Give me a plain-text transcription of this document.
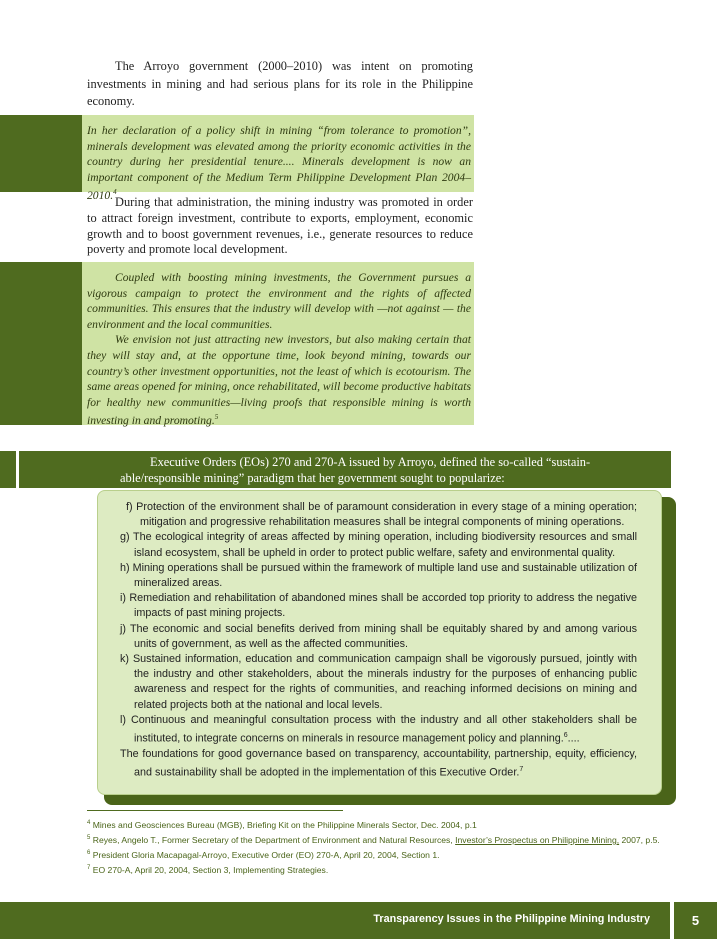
The Arroyo government (2000–2010) was intent on promoting investments in mining and had serious plans for its role in the Philippine economy.

In her declaration of a policy shift in mining “from tolerance to promotion”, minerals development was elevated among the priority economic activities in the country during her presidential tenure.... Minerals development is now an important component of the Medium Term Philippine Development Plan 2004–2010.$^4$

During that administration, the mining industry was promoted in order to attract foreign investment, contribute to exports, employment, economic growth and to boost government revenues, i.e., generate resources to reduce poverty and promote local development.

Coupled with boosting mining investments, the Government pursues a vigorous campaign to protect the environment and the rights of affected communities. This ensures that the industry will develop with —not against — the environment and the local communities.

We envision not just attracting new investors, but also making certain that they will stay and, at the opportune time, look beyond mining, towards our country’s other investment opportunities, not the least of which is ecotourism. The same areas opened for mining, once rehabilitated, will become productive habitats for healthy new communities—living proofs that responsible mining is worth investing in and promoting.$^5$

Executive Orders (EOs) 270 and 270-A issued by Arroyo, defined the so-called “sustain-
able/responsible mining” paradigm that her government sought to popularize:

f) Protection of the environment shall be of paramount consideration in every stage of a mining operation; mitigation and progressive rehabilitation measures shall be integral components of mining operations.
g) The ecological integrity of areas affected by mining operation, including biodiversity resources and small island ecosystem, shall be upheld in order to protect public welfare, safety and environmental quality.
h) Mining operations shall be pursued within the framework of multiple land use and sustainable utilization of mineralized areas.
i) Remediation and rehabilitation of abandoned mines shall be accorded top priority to address the negative impacts of past mining projects.
j) The economic and social benefits derived from mining shall be equitably shared by and among various units of government, as well as the affected communities.
k) Sustained information, education and communication campaign shall be vigorously pursued, jointly with the industry and other stakeholders, about the minerals industry for the purposes of enhancing public awareness and respect for the rights of communities, and reaching informed decisions on mining and related projects both at the national and local levels.
l) Continuous and meaningful consultation process with the industry and all other stakeholders shall be instituted, to integrate concerns on minerals in resource management policy and planning.$^6$....
The foundations for good governance based on transparency, accountability, partnership, equity, efficiency, and sustainability shall be adopted in the implementation of this Executive Order.$^7$

$^4$ Mines and Geosciences Bureau (MGB), Briefing Kit on the Philippine Minerals Sector, Dec. 2004, p.1

$^5$ Reyes, Angelo T., Former Secretary of the Department of Environment and Natural Resources, Investor’s Prospectus on Philippine Mining, 2007, p.5.

$^6$ President Gloria Macapagal-Arroyo, Executive Order (EO) 270-A, April 20, 2004, Section 1.

$^7$ EO 270-A, April 20, 2004, Section 3, Implementing Strategies.

Transparency Issues in the Philippine Mining Industry	5
